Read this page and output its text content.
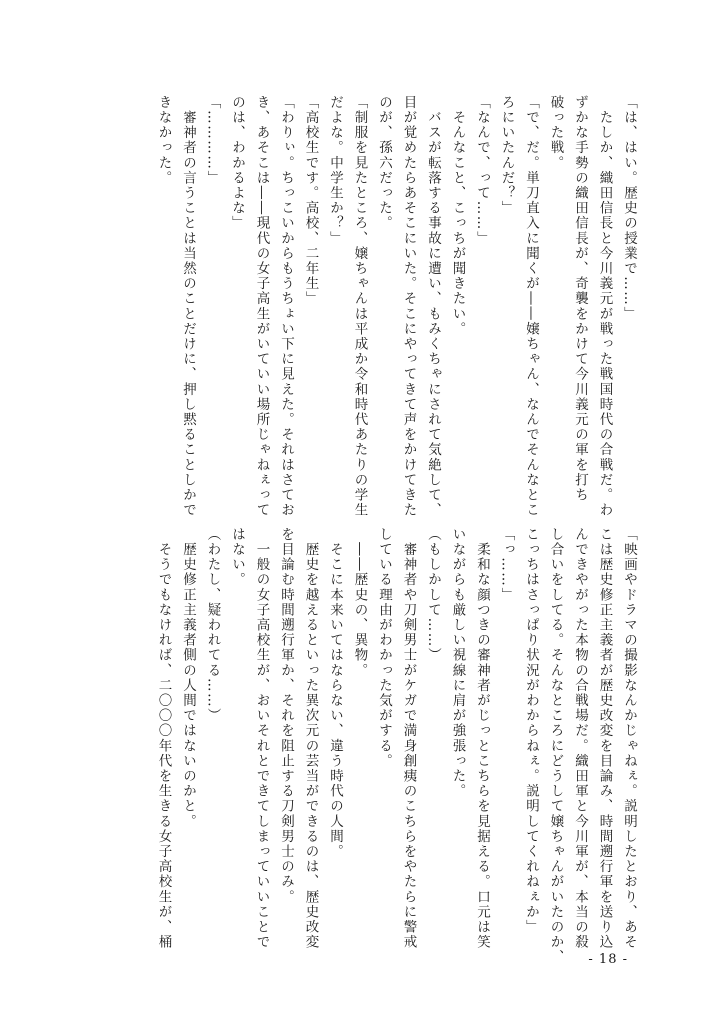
「は、はい。歴史の授業で……」

　たしか、織田信長と今川義元が戦った戦国時代の合戦だ。わ

ずかな手勢の織田信長が、奇襲をかけて今川義元の軍を打ち

破った戦。

「で、だ。単刀直入に聞くが――嬢ちゃん、なんでそんなとこ

ろにいたんだ？」

「なんで、って……」

　そんなこと、こっちが聞きたい。

　バスが転落する事故に遭い、もみくちゃにされて気絶して、

目が覚めたらあそこにいた。そこにやってきて声をかけてきた

のが、孫六だった。

「制服を見たところ、嬢ちゃんは平成か令和時代あたりの学生

だよな。中学生か？」

「高校生です。高校、二年生」

「わりぃ。ちっこいからもうちょい下に見えた。それはさてお

き、あそこは――現代の女子高生がいていい場所じゃねぇって

のは、わかるよな」

「…………」

　審神者の言うことは当然のことだけに、押し黙ることしかで

きなかった。

「映画やドラマの撮影なんかじゃねぇ。説明したとおり、あそ

こは歴史修正主義者が歴史改変を目論み、時間遡行軍を送り込

んできやがった本物の合戦場だ。織田軍と今川軍が、本当の殺

し合いをしてる。そんなところにどうして嬢ちゃんがいたのか、

こっちはさっぱり状況がわからねぇ。説明してくれねぇか」

「っ……」

　柔和な顔つきの審神者がじっとこちらを見据える。口元は笑

いながらも厳しい視線に肩が強張った。

（もしかして……）

　審神者や刀剣男士がケガで満身創痍のこちらをやたらに警戒

している理由がわかった気がする。

　――歴史の、異物。

　そこに本来いてはならない、違う時代の人間。

　歴史を越えるといった異次元の芸当ができるのは、歴史改変

を目論む時間遡行軍か、それを阻止する刀剣男士のみ。

　一般の女子高校生が、おいそれとできてしまっていいことで

はない。

（わたし、疑われてる……）

　歴史修正主義者側の人間ではないのかと。

　そうでもなければ、二〇〇〇年代を生きる女子高校生が、桶

- 18 -
